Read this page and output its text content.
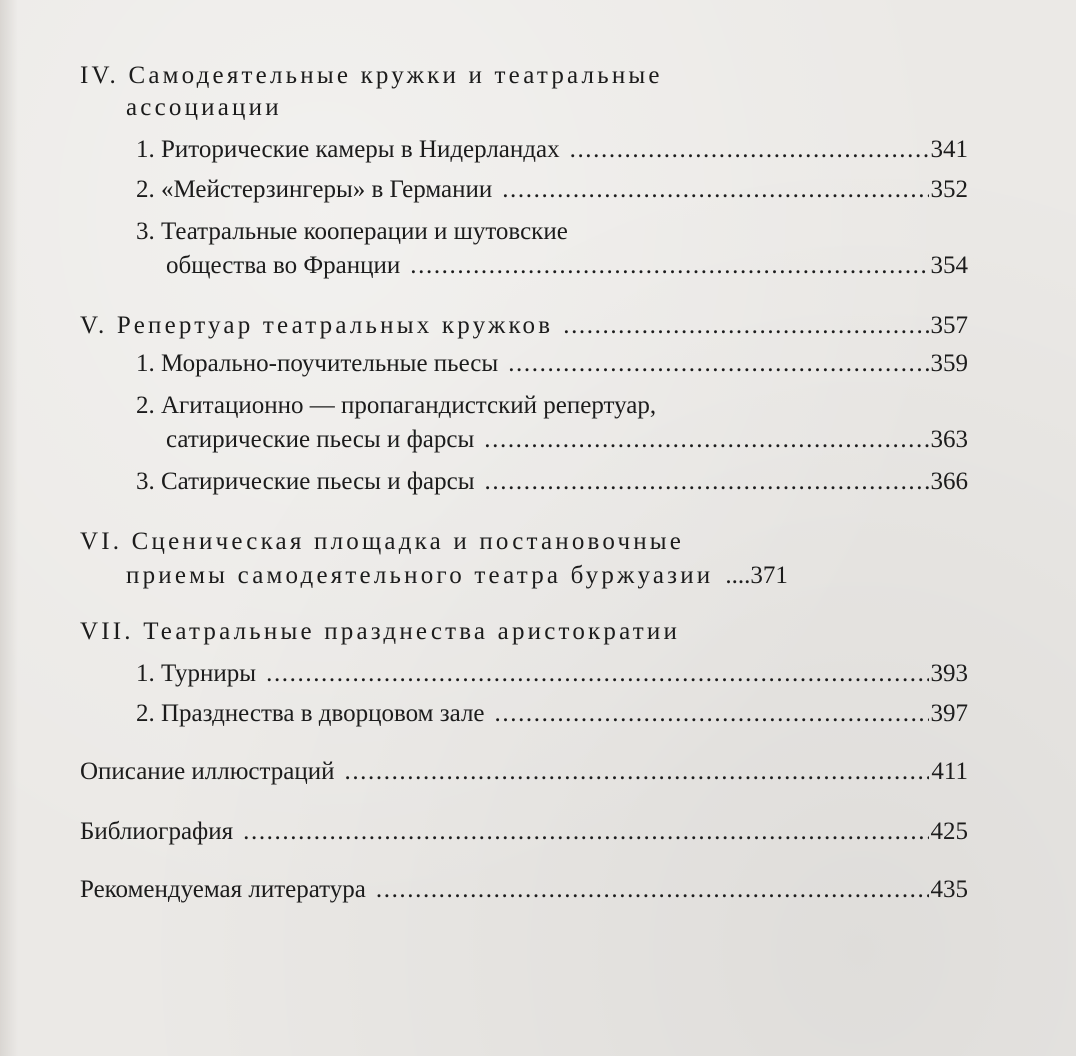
IV. Самодеятельные кружки и театральные
ассоциации
1. Риторические камеры в Нидерландах .....	341
2. «Мейстерзингеры» в Германии .....	352
3. Театральные кооперации и шутовские
общества во Франции .....	354
V. Репертуар театральных кружков .....	357
1. Морально-поучительные пьесы .....	359
2. Агитационно — пропагандистский репертуар,
сатирические пьесы и фарсы .....	363
3. Сатирические пьесы и фарсы .....	366
VI. Сценическая площадка и постановочные
приемы самодеятельного театра буржуазии .... 371
VII. Театральные празднества аристократии
1. Турниры .....	393
2. Празднества в дворцовом зале .....	397
Описание иллюстраций .....	411
Библиография .....	425
Рекомендуемая литература .....	435
